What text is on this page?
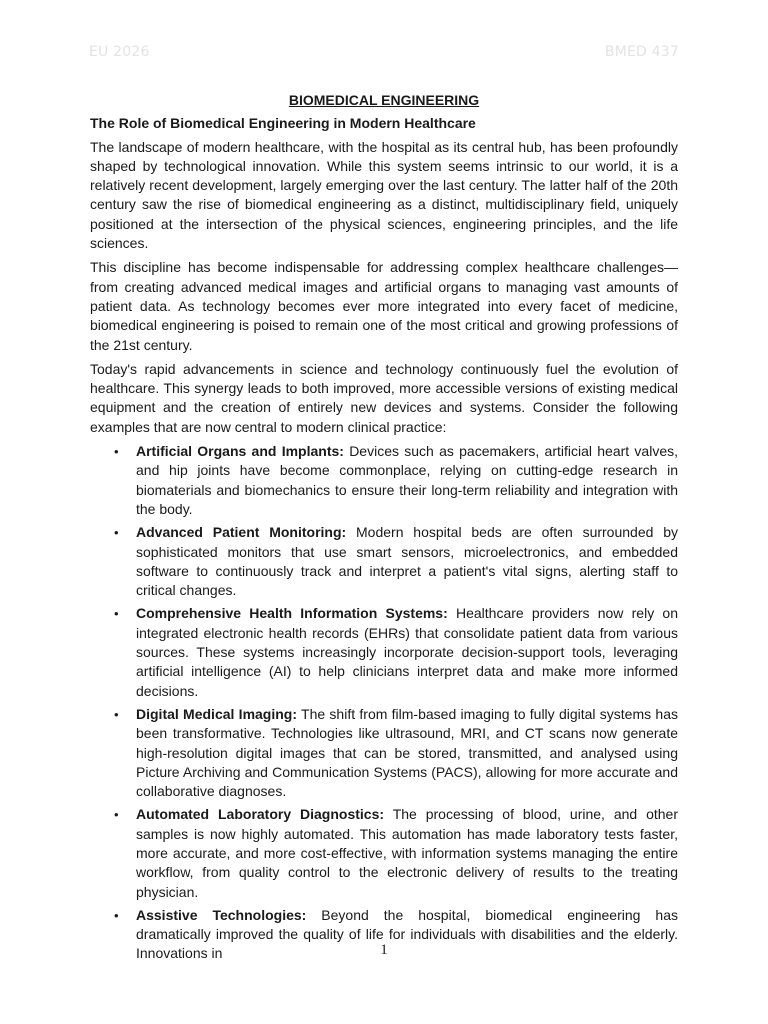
EU 2026	BMED 437
BIOMEDICAL ENGINEERING
The Role of Biomedical Engineering in Modern Healthcare

The landscape of modern healthcare, with the hospital as its central hub, has been profoundly shaped by technological innovation. While this system seems intrinsic to our world, it is a relatively recent development, largely emerging over the last century. The latter half of the 20th century saw the rise of biomedical engineering as a distinct, multidisciplinary field, uniquely positioned at the intersection of the physical sciences, engineering principles, and the life sciences.

This discipline has become indispensable for addressing complex healthcare challenges—from creating advanced medical images and artificial organs to managing vast amounts of patient data. As technology becomes ever more integrated into every facet of medicine, biomedical engineering is poised to remain one of the most critical and growing professions of the 21st century.

Today's rapid advancements in science and technology continuously fuel the evolution of healthcare. This synergy leads to both improved, more accessible versions of existing medical equipment and the creation of entirely new devices and systems. Consider the following examples that are now central to modern clinical practice:

• Artificial Organs and Implants: Devices such as pacemakers, artificial heart valves, and hip joints have become commonplace, relying on cutting-edge research in biomaterials and biomechanics to ensure their long-term reliability and integration with the body.
• Advanced Patient Monitoring: Modern hospital beds are often surrounded by sophisticated monitors that use smart sensors, microelectronics, and embedded software to continuously track and interpret a patient's vital signs, alerting staff to critical changes.
• Comprehensive Health Information Systems: Healthcare providers now rely on integrated electronic health records (EHRs) that consolidate patient data from various sources. These systems increasingly incorporate decision-support tools, leveraging artificial intelligence (AI) to help clinicians interpret data and make more informed decisions.
• Digital Medical Imaging: The shift from film-based imaging to fully digital systems has been transformative. Technologies like ultrasound, MRI, and CT scans now generate high-resolution digital images that can be stored, transmitted, and analysed using Picture Archiving and Communication Systems (PACS), allowing for more accurate and collaborative diagnoses.
• Automated Laboratory Diagnostics: The processing of blood, urine, and other samples is now highly automated. This automation has made laboratory tests faster, more accurate, and more cost-effective, with information systems managing the entire workflow, from quality control to the electronic delivery of results to the treating physician.
• Assistive Technologies: Beyond the hospital, biomedical engineering has dramatically improved the quality of life for individuals with disabilities and the elderly. Innovations in	1
